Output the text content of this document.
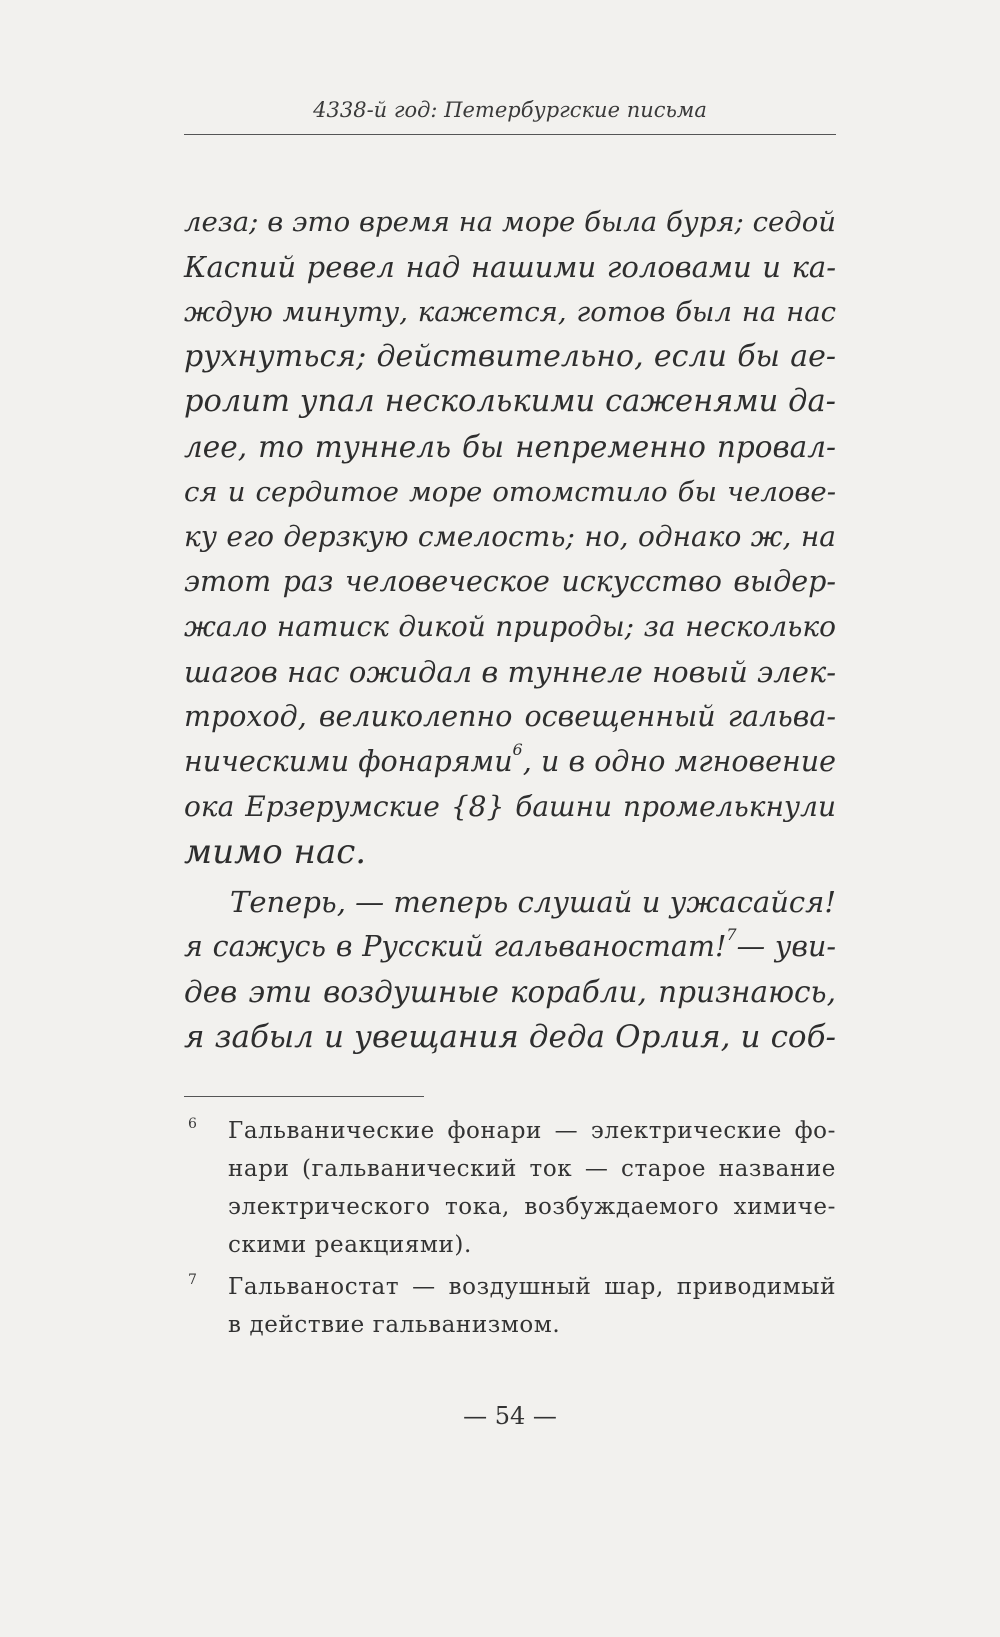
4338-й год: Петербургские письма
леза; в это время на море была буря; седой
Каспий ревел над нашими головами и ка-
ждую минуту, кажется, готов был на нас
рухнуться; действительно, если бы ае-
ролит упал несколькими саженями да-
лее, то туннель бы непременно провал-
ся и сердитое море отомстило бы челове-
ку его дерзкую смелость; но, однако ж, на
этот раз человеческое искусство выдер-
жало натиск дикой природы; за несколько
шагов нас ожидал в туннеле новый элек-
троход, великолепно освещенный гальва-
ническими фонарями$^6$, и в одно мгновение
ока Ерзерумские {8} башни промелькнули
мимо нас.
Теперь, — теперь слушай и ужасайся!
я сажусь в Русский гальваностат!$^7$— уви-
дев эти воздушные корабли, признаюсь,
я забыл и увещания деда Орлия, и соб-
6 Гальванические фонари — электрические фо-
нари (гальванический ток — старое название
электрического тока, возбуждаемого химиче-
скими реакциями).
7 Гальваностат — воздушный шар, приводимый
в действие гальванизмом.
— 54 —
